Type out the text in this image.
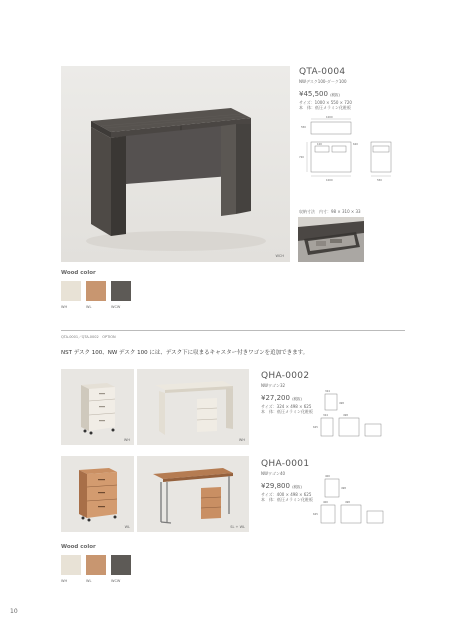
WCH
QTA-0004
NWデスク100-ダーク100
¥45,500 (税抜)
サイズ：1000 × 550 × 720
本　体：低圧メラミン化粧板
1000
720
1000	550
550
620
100
収納寸法　内寸：98 × 310 × 33
Wood color
WH	WL	WCW
QTA-0001／QTA-0002　OPTION
NST デスク 100、NW デスク 100 には、デスク下に収まるキャスター付きワゴンを追加できます。
WH	WH
QHA-0002
NWワゴン32
¥27,200 (税抜)
サイズ：324 × 498 × 625
本　体：低圧メラミン化粧板
324
498
625
324	498
WL	SL + WL
QHA-0001
NWワゴン40
¥29,800 (税抜)
サイズ：400 × 498 × 625
本　体：低圧メラミン化粧板
400
498
625
400	498
Wood color
WH	WL	WCW
10
